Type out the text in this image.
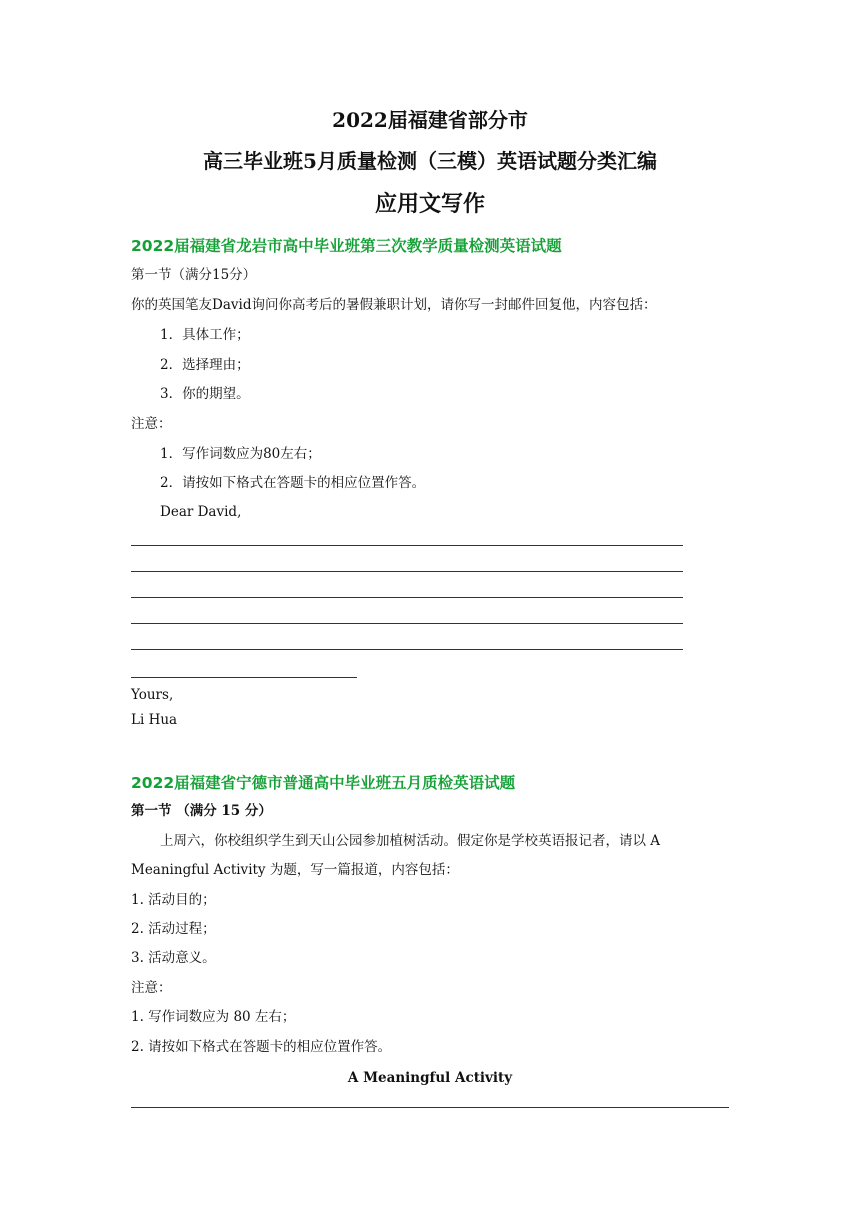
2022届福建省部分市
高三毕业班5月质量检测（三模）英语试题分类汇编
应用文写作
2022届福建省龙岩市高中毕业班第三次教学质量检测英语试题
第一节（满分15分）
你的英国笔友David询问你高考后的暑假兼职计划，请你写一封邮件回复他，内容包括：
1．具体工作；
2．选择理由；
3．你的期望。
注意：
1．写作词数应为80左右；
2．请按如下格式在答题卡的相应位置作答。
Dear David,
Yours,
Li Hua
2022届福建省宁德市普通高中毕业班五月质检英语试题
第一节 （满分 15 分）
上周六，你校组织学生到天山公园参加植树活动。假定你是学校英语报记者，请以 A
Meaningful Activity 为题，写一篇报道，内容包括：
1. 活动目的；
2. 活动过程；
3. 活动意义。
注意：
1. 写作词数应为 80 左右；
2. 请按如下格式在答题卡的相应位置作答。
A Meaningful Activity
